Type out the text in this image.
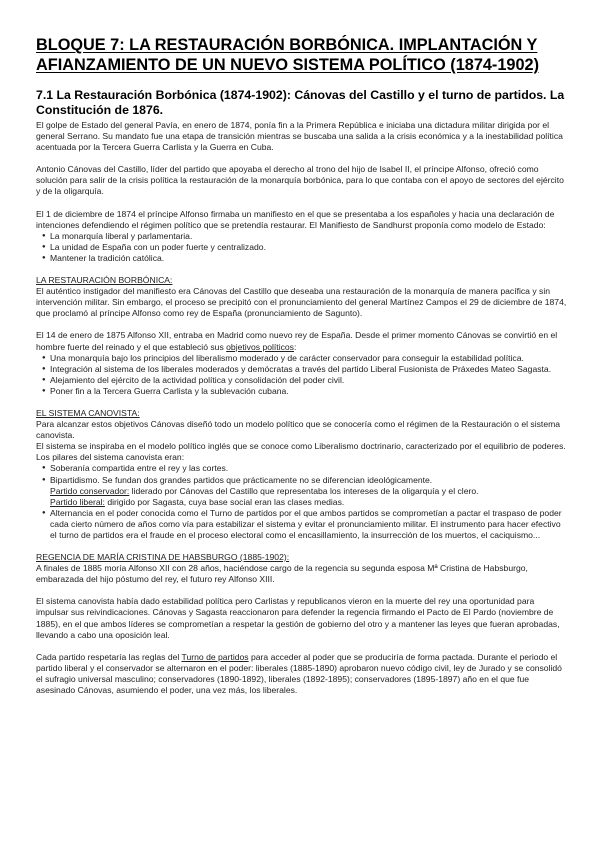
BLOQUE 7: LA RESTAURACIÓN BORBÓNICA. IMPLANTACIÓN Y AFIANZAMIENTO DE UN NUEVO SISTEMA POLÍTICO (1874-1902)
7.1 La Restauración Borbónica (1874-1902): Cánovas del Castillo y el turno de partidos. La Constitución de 1876.

El golpe de Estado del general Pavía, en enero de 1874, ponía fin a la Primera República e iniciaba una dictadura militar dirigida por el general Serrano. Su mandato fue una etapa de transición mientras se buscaba una salida a la crisis económica y a la inestabilidad política acentuada por la Tercera Guerra Carlista y la Guerra en Cuba.

Antonio Cánovas del Castillo, líder del partido que apoyaba el derecho al trono del hijo de Isabel II, el príncipe Alfonso, ofreció como solución para salir de la crisis política la restauración de la monarquía borbónica, para lo que contaba con el apoyo de sectores del ejército y de la oligarquía.

El 1 de diciembre de 1874 el príncipe Alfonso firmaba un manifiesto en el que se presentaba a los españoles y hacia una declaración de intenciones defendiendo el régimen político que se pretendía restaurar. El Manifiesto de Sandhurst proponía como modelo de Estado:

● La monarquía liberal y parlamentaria.
● La unidad de España con un poder fuerte y centralizado.
● Mantener la tradición católica.
LA RESTAURACIÓN BORBÓNICA:

El auténtico instigador del manifiesto era Cánovas del Castillo que deseaba una restauración de la monarquía de manera pacífica y sin intervención militar. Sin embargo, el proceso se precipitó con el pronunciamiento del general Martínez Campos el 29 de diciembre de 1874, que proclamó al príncipe Alfonso como rey de España (pronunciamiento de Sagunto).

El 14 de enero de 1875 Alfonso XII, entraba en Madrid como nuevo rey de España. Desde el primer momento Cánovas se convirtió en el hombre fuerte del reinado y el que estableció sus objetivos políticos:

● Una monarquía bajo los principios del liberalismo moderado y de carácter conservador para conseguir la estabilidad política.
● Integración al sistema de los liberales moderados y demócratas a través del partido Liberal Fusionista de Práxedes Mateo Sagasta.
● Alejamiento del ejército de la actividad política y consolidación del poder civil.
● Poner fin a la Tercera Guerra Carlista y la sublevación cubana.
EL SISTEMA CANOVISTA:

Para alcanzar estos objetivos Cánovas diseñó todo un modelo político que se conocería como el régimen de la Restauración o el sistema canovista.

El sistema se inspiraba en el modelo político inglés que se conoce como Liberalismo doctrinario, caracterizado por el equilibrio de poderes. Los pilares del sistema canovista eran:

● Soberanía compartida entre el rey y las cortes.
● Bipartidismo. Se fundan dos grandes partidos que prácticamente no se diferencian ideológicamente.
Partido conservador: liderado por Cánovas del Castillo que representaba los intereses de la oligarquía y el clero.
Partido liberal: dirigido por Sagasta, cuya base social eran las clases medias.
● Alternancia en el poder conocida como el Turno de partidos por el que ambos partidos se comprometían a pactar el traspaso de poder cada cierto número de años como vía para estabilizar el sistema y evitar el pronunciamiento militar. El instrumento para hacer efectivo el turno de partidos era el fraude en el proceso electoral como el encasillamiento, la insurrección de los muertos, el caciquismo...
REGENCIA DE MARÍA CRISTINA DE HABSBURGO (1885-1902):

A finales de 1885 moría Alfonso XII con 28 años, haciéndose cargo de la regencia su segunda esposa Mª Cristina de Habsburgo, embarazada del hijo póstumo del rey, el futuro rey Alfonso XIII.

El sistema canovista había dado estabilidad política pero Carlistas y republicanos vieron en la muerte del rey una oportunidad para impulsar sus reivindicaciones. Cánovas y Sagasta reaccionaron para defender la regencia firmando el Pacto de El Pardo (noviembre de 1885), en el que ambos líderes se comprometían a respetar la gestión de gobierno del otro y a mantener las leyes que fueran aprobadas, llevando a cabo una oposición leal.

Cada partido respetaría las reglas del Turno de partidos para acceder al poder que se produciría de forma pactada. Durante el periodo el partido liberal y el conservador se alternaron en el poder: liberales (1885-1890) aprobaron nuevo código civil, ley de Jurado y se consolidó el sufragio universal masculino; conservadores (1890-1892), liberales (1892-1895); conservadores (1895-1897) año en el que fue asesinado Cánovas, asumiendo el poder, una vez más, los liberales.
